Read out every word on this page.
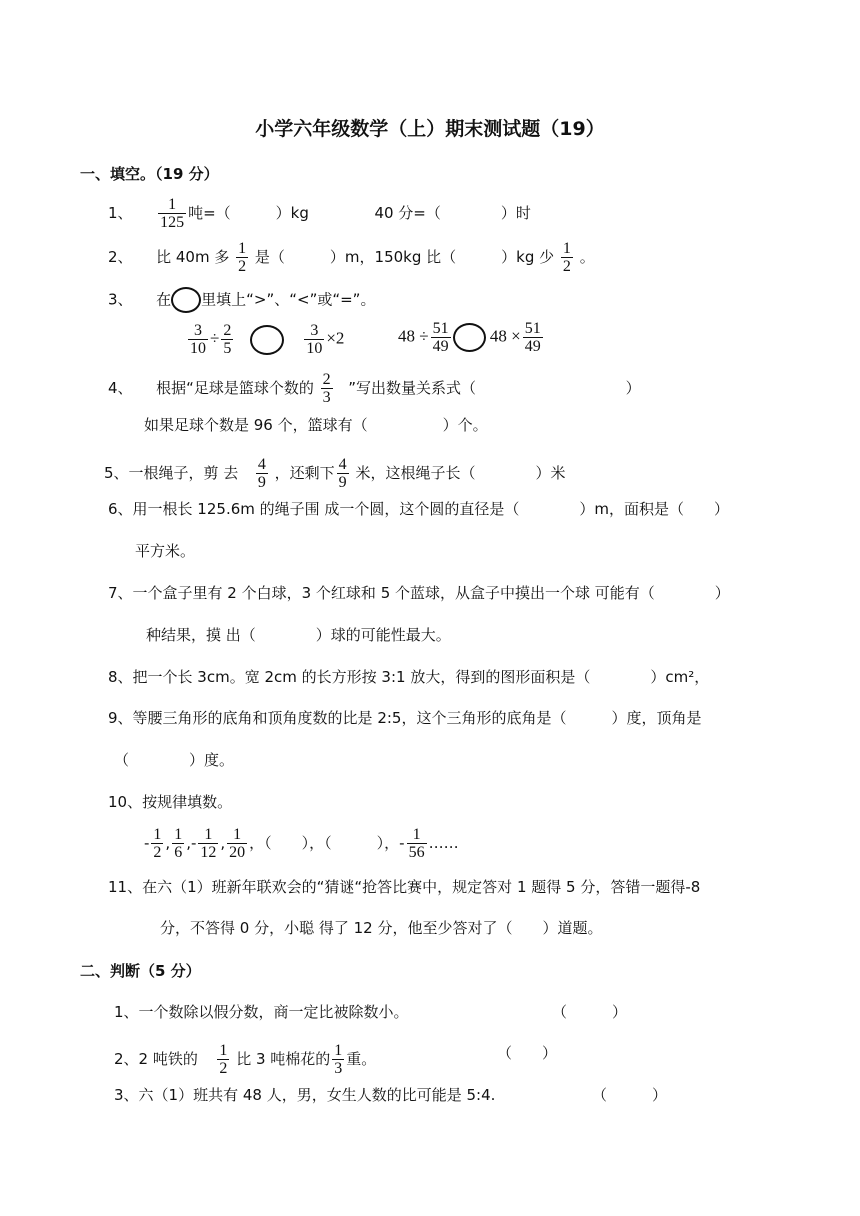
小学六年级数学（上）期末测试题（19）
一、填空。（19 分）
1、 $\frac{1}{125}$ 吨=（　　　）kg	40 分=（　　　　）时
2、 比 40m 多 $\frac{1}{2}$ 是（　　　）m，150kg 比（　　　）kg 少 $\frac{1}{2}$ 。
3、 在 里填上“>”、“<”或“=”。
$\frac{3}{10} \div \frac{2}{5}$
	$\frac{3}{10} \times 2$	$48 \div \frac{51}{49} 48 \times \frac{51}{49}$
4、 根据“足球是篮球个数的 $\frac{2}{3}$ ”写出数量关系式（	）
如果足球个数是 96 个，篮球有（　　　　　）个。
5、一根绳子，剪 去 $\frac{4}{9}$ ，还剩下 $\frac{4}{9}$ 米，这根绳子长（　　　　）米
6、用一根长 125.6m 的绳子围 成一个圆，这个圆的直径是（　　　　）m，面积是（　　）
平方米。
7、一个盒子里有 2 个白球，3 个红球和 5 个蓝球，从盒子中摸出一个球 可能有（　　　　）
种结果，摸 出（　　　　）球的可能性最大。
8、把一个长 3cm。宽 2cm 的长方形按 3:1 放大，得到的图形面积是（　　　　）cm²，
9、等腰三角形的底角和顶角度数的比是 2:5，这个三角形的底角是（　　　）度，顶角是
（　　　　）度。
10、按规律填数。
- $\frac{1}{2}$ , $\frac{1}{6}$ ,- $\frac{1}{12}$ , $\frac{1}{20}$ ，（　　），（　　　），- $\frac{1}{56}$ ……
11、在六（1）班新年联欢会的“猜谜“抢答比赛中，规定答对 1 题得 5 分，答错一题得-8
分，不答得 0 分，小聪 得了 12 分，他至少答对了（　　）道题。
二、判断（5 分）
1、一个数除以假分数，商一定比被除数小。	（　　　）
2、2 吨铁的 $\frac{1}{2}$ 比 3 吨棉花的 $\frac{1}{3}$ 重。	（　　）
3、六（1）班共有 48 人，男，女生人数的比可能是 5:4.	（　　　）
